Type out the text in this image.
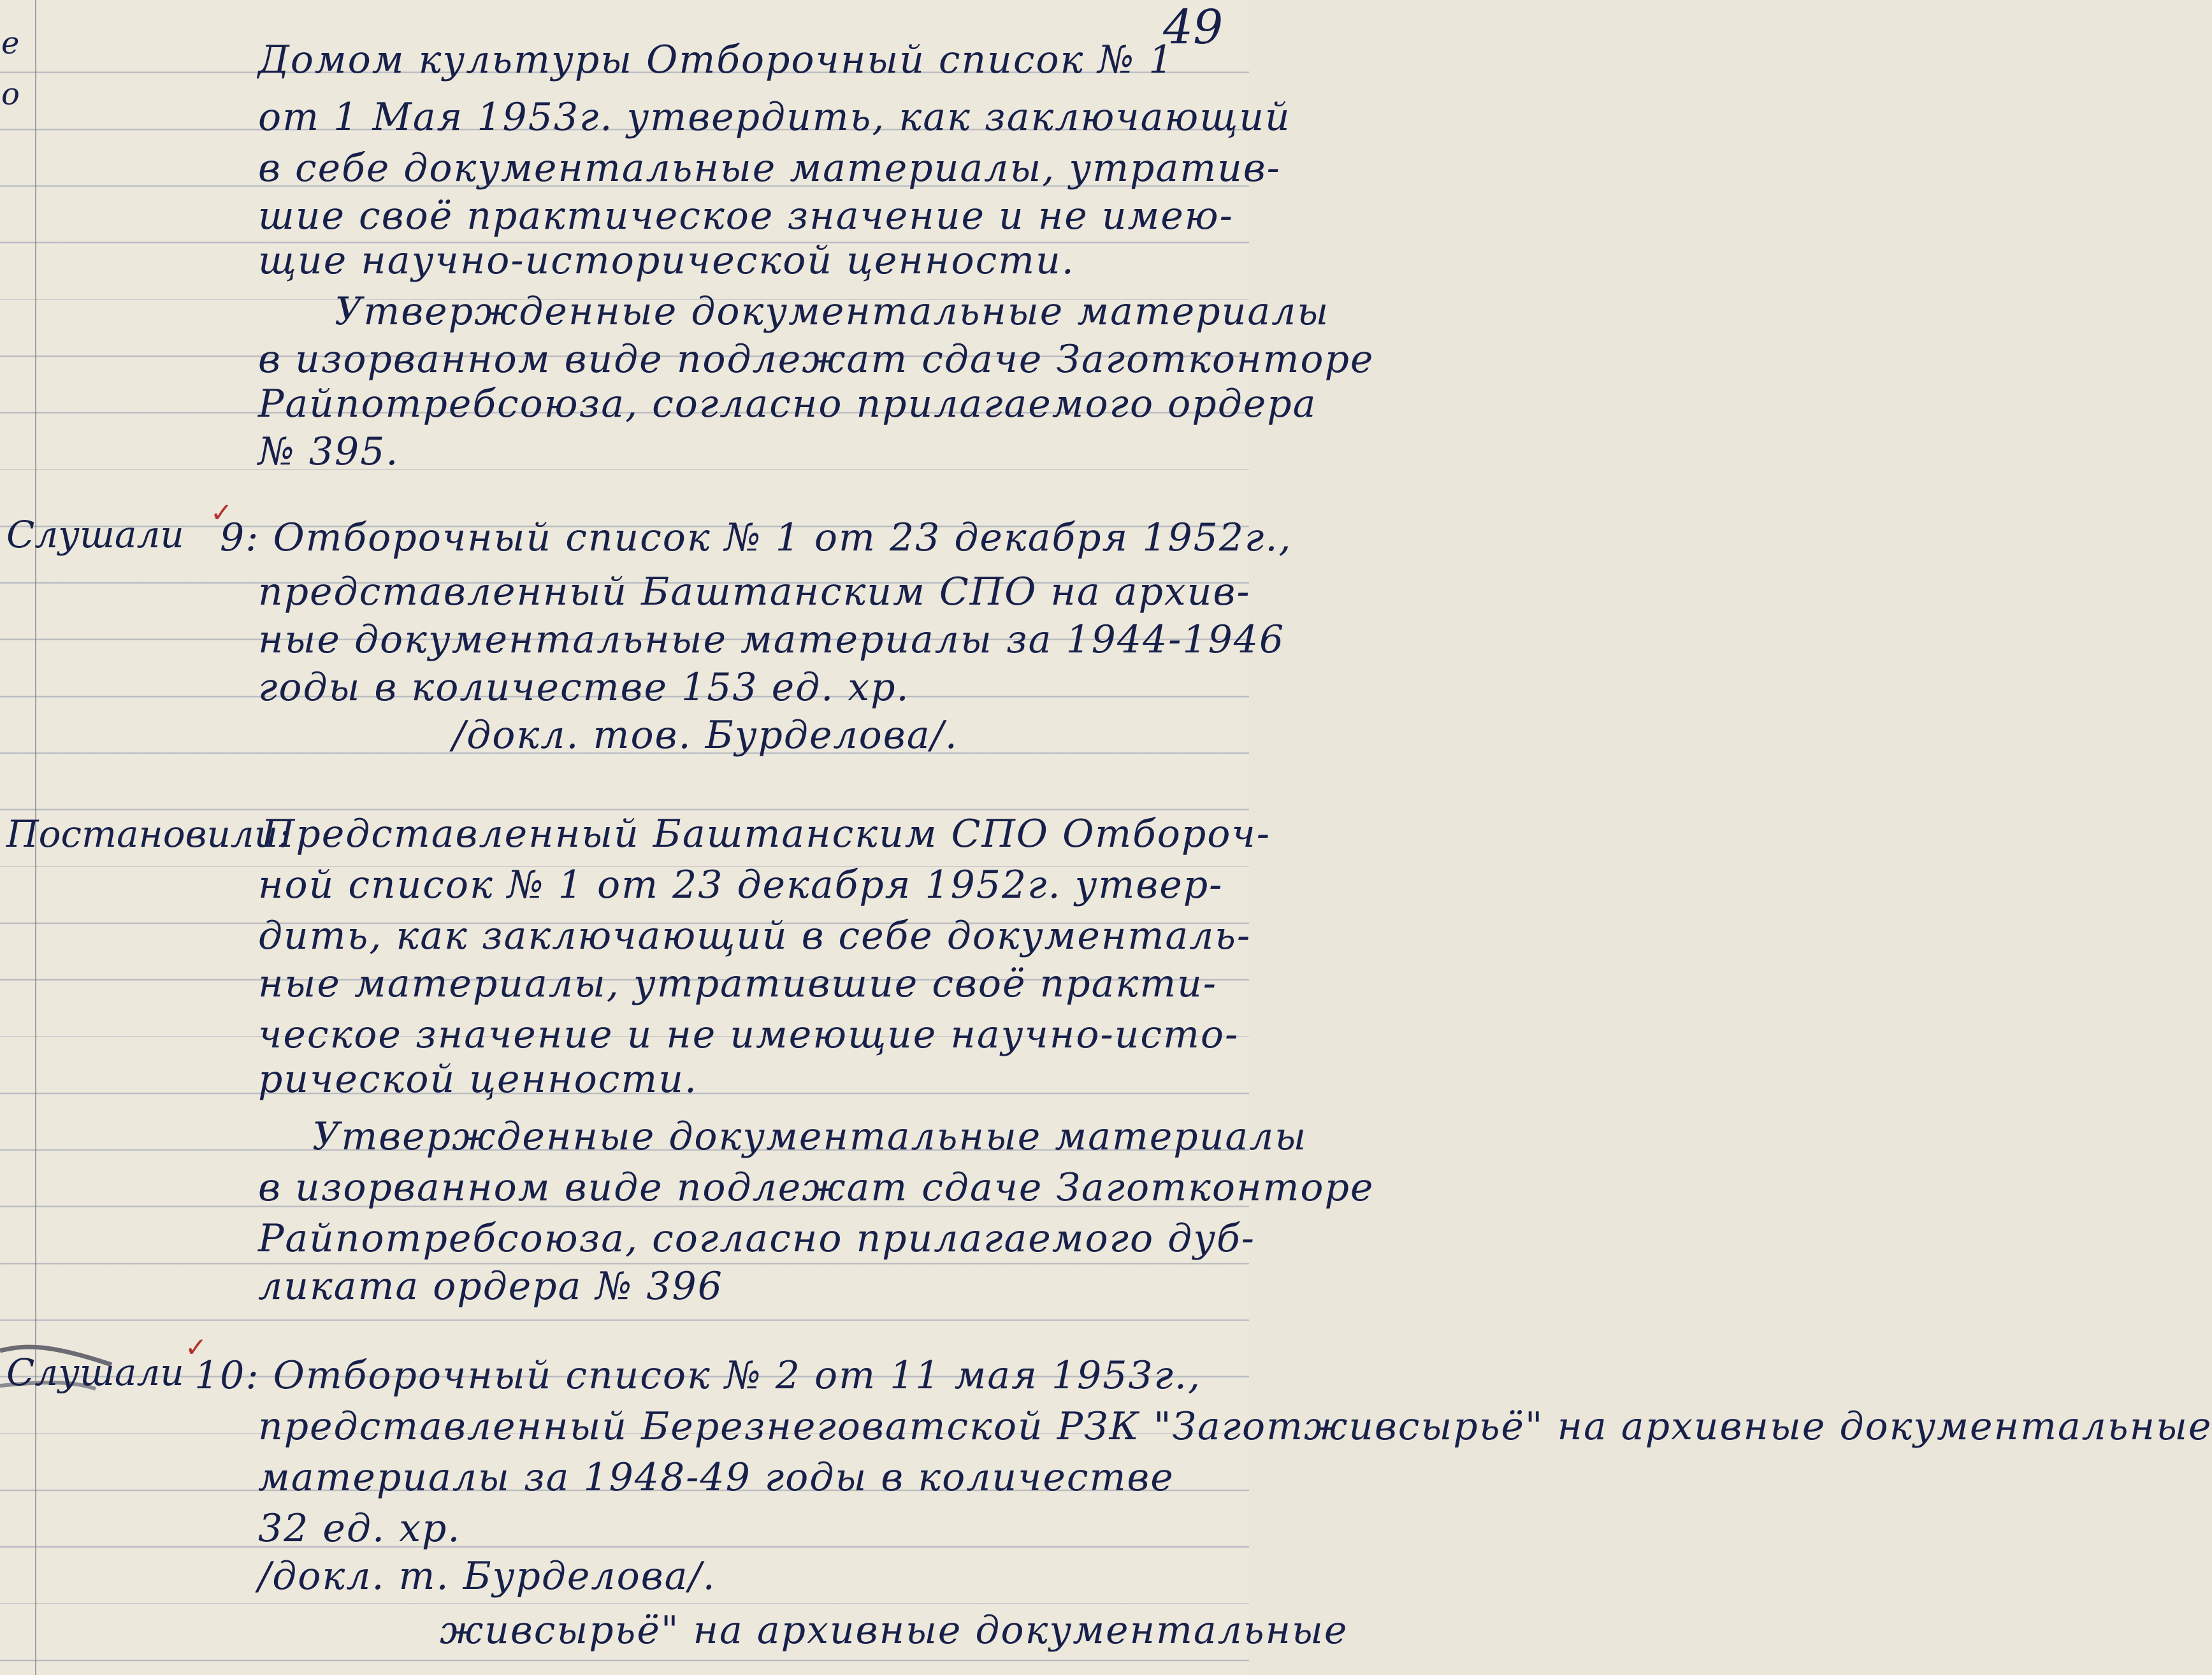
49
е
о
Домом культуры Отборочный список № 1
от 1 Мая 1953г. утвердить, как заключающий
в себе документальные материалы, утратив-
шие своё практическое значение и не имею-
щие научно-исторической ценности.
Утвержденные документальные материалы
в изорванном виде подлежат сдаче Заготконторе
Райпотребсоюза, согласно прилагаемого ордера
№ 395.
Слушали
✓
9: Отборочный список № 1 от 23 декабря 1952г.,
представленный Баштанским СПО на архив-
ные документальные материалы за 1944-1946
годы в количестве 153 ед. хр.
/докл. тов. Бурделова/.
Постановили:
Представленный Баштанским СПО Отбороч-
ной список № 1 от 23 декабря 1952г. утвер-
дить, как заключающий в себе документаль-
ные материалы, утратившие своё практи-
ческое значение и не имеющие научно-исто-
рической ценности.
Утвержденные документальные материалы
в изорванном виде подлежат сдаче Заготконторе
Райпотребсоюза, согласно прилагаемого дуб-
ликата ордера № 396
Слушали
✓
10: Отборочный список № 2 от 11 мая 1953г.,
представленный Березнеговатской РЗК "Заготживсырьё" на архивные документальные
материалы за 1948-49 годы в количестве
32 ед. хр.
/докл. т. Бурделова/.
живсырьё" на архивные документальные
